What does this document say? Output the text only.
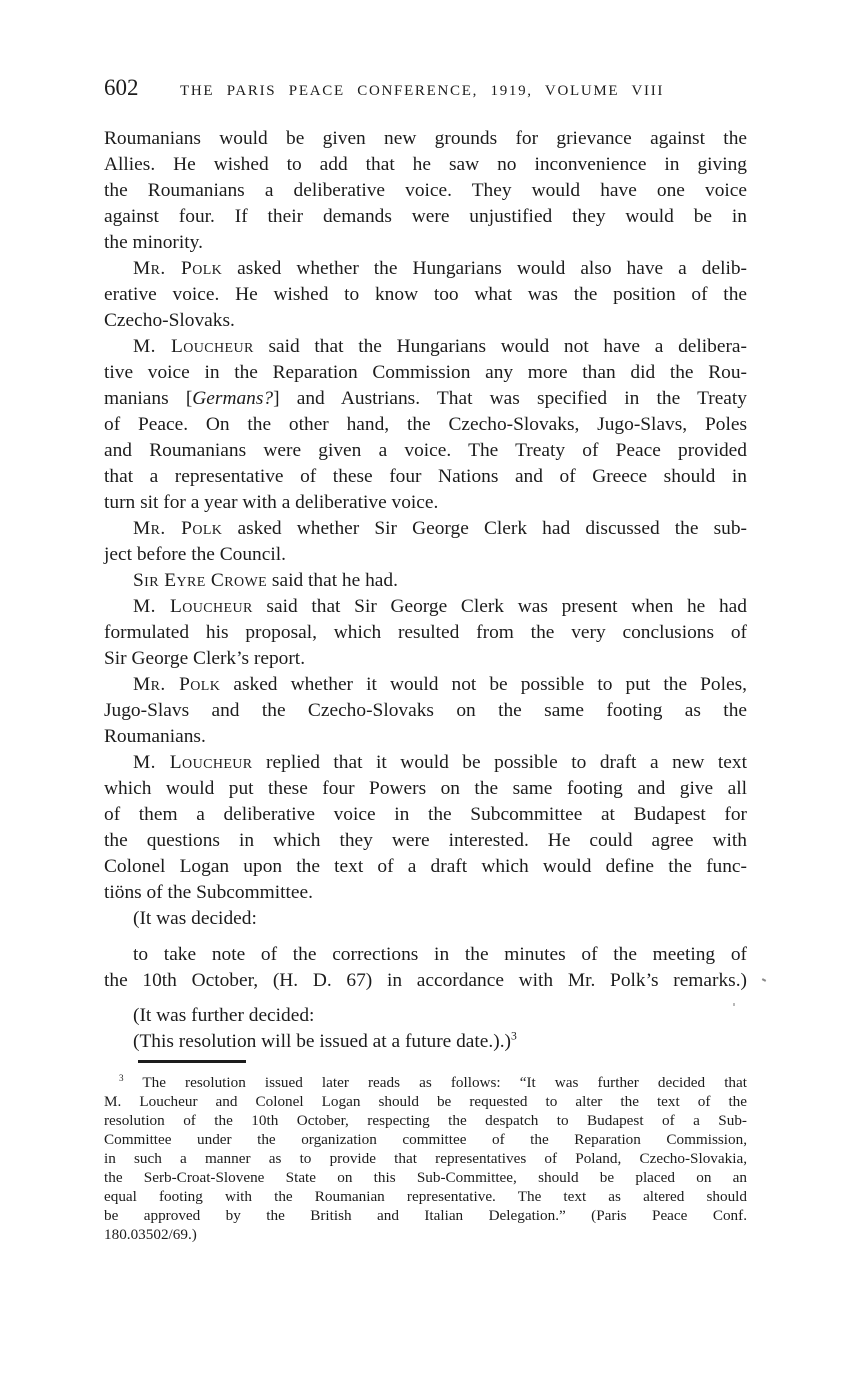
602	THE PARIS PEACE CONFERENCE, 1919, VOLUME VIII
Roumanians would be given new grounds for grievance against the
Allies. He wished to add that he saw no inconvenience in giving
the Roumanians a deliberative voice. They would have one voice
against four. If their demands were unjustified they would be in
the minority.
Mr. Polk asked whether the Hungarians would also have a delib-
erative voice. He wished to know too what was the position of the
Czecho-Slovaks.
M. Loucheur said that the Hungarians would not have a delibera-
tive voice in the Reparation Commission any more than did the Rou-
manians [Germans?] and Austrians. That was specified in the Treaty
of Peace. On the other hand, the Czecho-Slovaks, Jugo-Slavs, Poles
and Roumanians were given a voice. The Treaty of Peace provided
that a representative of these four Nations and of Greece should in
turn sit for a year with a deliberative voice.
Mr. Polk asked whether Sir George Clerk had discussed the sub-
ject before the Council.
Sir Eyre Crowe said that he had.
M. Loucheur said that Sir George Clerk was present when he had
formulated his proposal, which resulted from the very conclusions of
Sir George Clerk’s report.
Mr. Polk asked whether it would not be possible to put the Poles,
Jugo-Slavs and the Czecho-Slovaks on the same footing as the
Roumanians.
M. Loucheur replied that it would be possible to draft a new text
which would put these four Powers on the same footing and give all
of them a deliberative voice in the Subcommittee at Budapest for
the questions in which they were interested. He could agree with
Colonel Logan upon the text of a draft which would define the func-
tiöns of the Subcommittee.
(It was decided:
to take note of the corrections in the minutes of the meeting of
the 10th October, (H. D. 67) in accordance with Mr. Polk’s remarks.)
(It was further decided:
(This resolution will be issued at a future date.).)$^3$
$^3$ The resolution issued later reads as follows: “It was further decided that
M. Loucheur and Colonel Logan should be requested to alter the text of the
resolution of the 10th October, respecting the despatch to Budapest of a Sub-
Committee under the organization committee of the Reparation Commission,
in such a manner as to provide that representatives of Poland, Czecho-Slovakia,
the Serb-Croat-Slovene State on this Sub-Committee, should be placed on an
equal footing with the Roumanian representative. The text as altered should
be approved by the British and Italian Delegation.” (Paris Peace Conf.
180.03502/69.)
